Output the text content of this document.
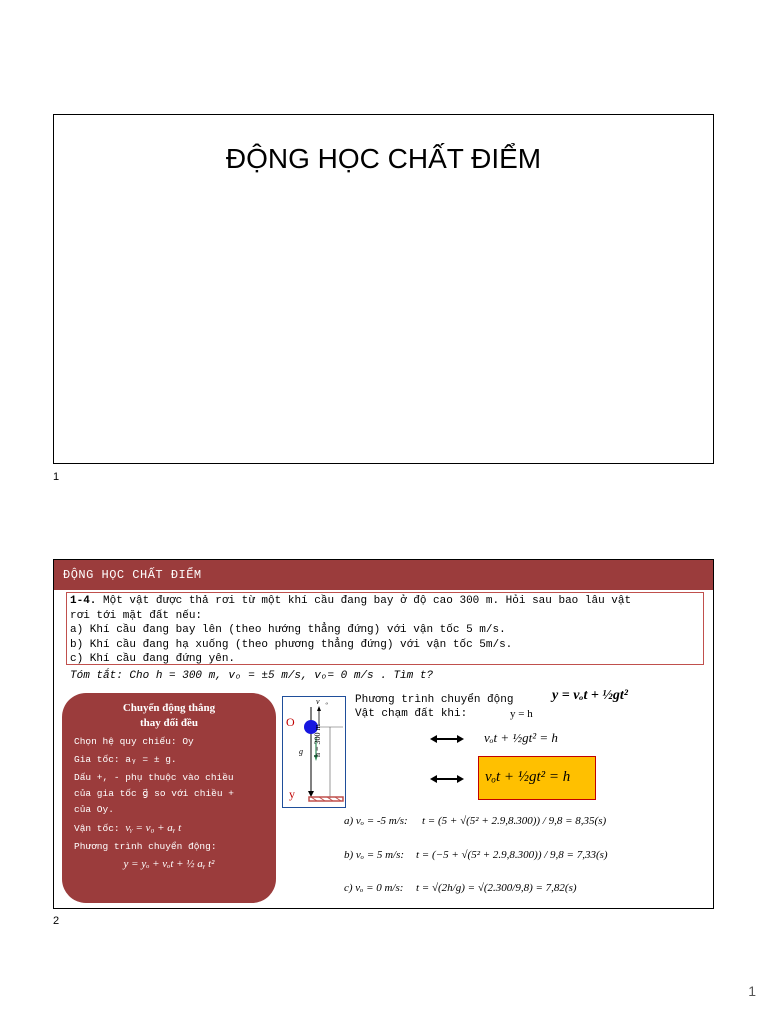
ĐỘNG HỌC CHẤT ĐIỂM
1
ĐỘNG HỌC CHẤT ĐIỂM
1-4. Một vật được thả rơi từ một khí cầu đang bay ở độ cao 300 m. Hỏi sau bao lâu vật
rơi tới mặt đất nếu:
a) Khí cầu đang bay lên (theo hướng thẳng đứng) với vận tốc 5 m/s.
b) Khí cầu đang hạ xuống (theo phương thẳng đứng) với vận tốc 5m/s.
c) Khí cầu đang đứng yên.
Tóm tắt: Cho h = 300 m, vₒ = ±5 m/s, vₒ= 0 m/s . Tìm t?
Chuyển động thẳng
thay đổi đều
Chọn hệ quy chiếu: Oy
Gia tốc: aᵧ = ± g.
Dấu +, - phụ thuộc vào chiều
của gia tốc g⃗ so với chiều +
của Oy.
Vận tốc: vᵧ = v₀ + aᵧ t
Phương trình chuyển động:
y = yₒ + vₒt + ½ aᵧ t²
O
y
v⃗ₒ
g⃗ h = 300 m
Phương trình chuyển động
Vật chạm đất khi:	y = h
y = vₒt + ½gt²
vₒt + ½gt² = h
vₒt + ½gt² = h
a) vₒ = -5 m/s: t = (5 + √(5² + 2.9,8.300)) / 9,8 = 8,35(s)
b) vₒ = 5 m/s: t = (−5 + √(5² + 2.9,8.300)) / 9,8 = 7,33(s)
c) vₒ = 0 m/s: t = √(2h/g) = √(2.300/9,8) = 7,82(s)
2
1
